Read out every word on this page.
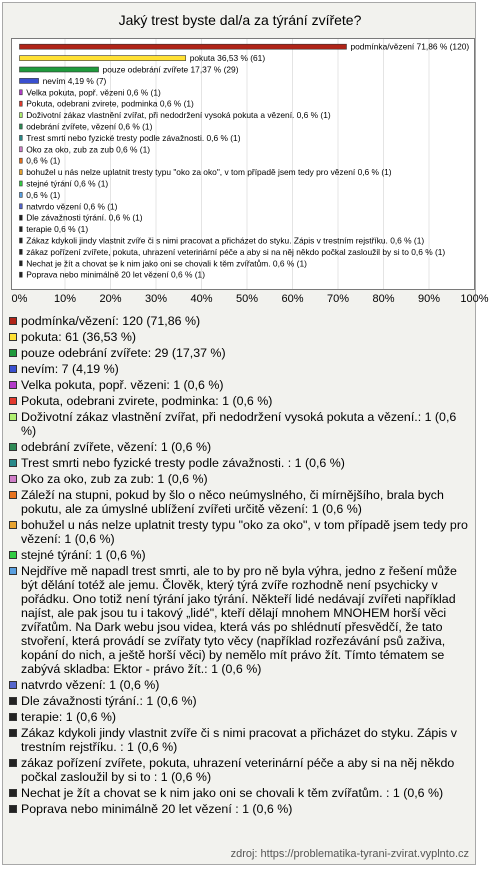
Jaký trest byste dal/a za týrání zvířete?
podmínka/vězení 71,86 % (120)
pokuta 36,53 % (61)
pouze odebrání zvířete 17,37 % (29)
nevím 4,19 % (7)
Velka pokuta, popř. vězeni 0,6 % (1)
Pokuta, odebrani zvirete, podminka 0,6 % (1)
Doživotní zákaz vlastnění zvířat, při nedodržení vysoká pokuta a vězení. 0,6 % (1)
odebrání zvířete, vězení 0,6 % (1)
Trest smrti nebo fyzické tresty podle závažnosti. 0,6 % (1)
Oko za oko, zub za zub 0,6 % (1)
0,6 % (1)
bohužel u nás nelze uplatnit tresty typu "oko za oko", v tom případě jsem tedy pro vězení 0,6 % (1)
stejné týrání 0,6 % (1)
0,6 % (1)
natvrdo vězení 0,6 % (1)
Dle závažnosti týrání. 0,6 % (1)
terapie 0,6 % (1)
Zákaz kdykoli jindy vlastnit zvíře či s nimi pracovat a přicházet do styku. Zápis v trestním rejstříku. 0,6 % (1)
zákaz pořízení zvířete, pokuta, uhrazení veterinární péče a aby si na něj někdo počkal zasloužil by si to 0,6 % (1)
Nechat je žít a chovat se k nim jako oni se chovali k těm zvířatům. 0,6 % (1)
Poprava nebo minimálně 20 let vězení 0,6 % (1)
0% 10% 20% 30% 40% 50% 60% 70% 80% 90% 100%
podmínka/vězení: 120 (71,86 %)
pokuta: 61 (36,53 %)
pouze odebrání zvířete: 29 (17,37 %)
nevím: 7 (4,19 %)
Velka pokuta, popř. vězeni: 1 (0,6 %)
Pokuta, odebrani zvirete, podminka: 1 (0,6 %)
Doživotní zákaz vlastnění zvířat, při nedodržení vysoká pokuta a vězení.: 1 (0,6 %)
odebrání zvířete, vězení: 1 (0,6 %)
Trest smrti nebo fyzické tresty podle závažnosti. : 1 (0,6 %)
Oko za oko, zub za zub: 1 (0,6 %)
Záleží na stupni, pokud by šlo o něco neúmyslného, či mírnějšího, brala bych pokutu, ale za úmyslné ublížení zvířeti určitě vězení: 1 (0,6 %)
bohužel u nás nelze uplatnit tresty typu "oko za oko", v tom případě jsem tedy pro vězení: 1 (0,6 %)
stejné týrání: 1 (0,6 %)
Nejdříve mě napadl trest smrti, ale to by pro ně byla výhra, jedno z řešení může být dělání totéž ale jemu. Člověk, který týrá zvíře rozhodně není psychicky v pořádku. Ono totiž není týrání jako týrání. Někteří lidé nedávají zvířeti například najíst, ale pak jsou tu i takový „lidé", kteří dělají mnohem MNOHEM horší věci zvířatům. Na Dark webu jsou videa, která vás po shlédnutí přesvědčí, že tato stvoření, která provádí se zvířaty tyto věcy (například rozřezávání psů zaživa, kopání do nich, a ještě horší věci) by nemělo mít právo žít. Tímto tématem se zabývá skladba: Ektor - právo žít.: 1 (0,6 %)
natvrdo vězení: 1 (0,6 %)
Dle závažnosti týrání.: 1 (0,6 %)
terapie: 1 (0,6 %)
Zákaz kdykoli jindy vlastnit zvíře či s nimi pracovat a přicházet do styku. Zápis v trestním rejstříku. : 1 (0,6 %)
zákaz pořízení zvířete, pokuta, uhrazení veterinární péče a aby si na něj někdo počkal zasloužil by si to : 1 (0,6 %)
Nechat je žít a chovat se k nim jako oni se chovali k těm zvířatům. : 1 (0,6 %)
Poprava nebo minimálně 20 let vězení : 1 (0,6 %)
zdroj: https://problematika-tyrani-zvirat.vyplnto.cz
